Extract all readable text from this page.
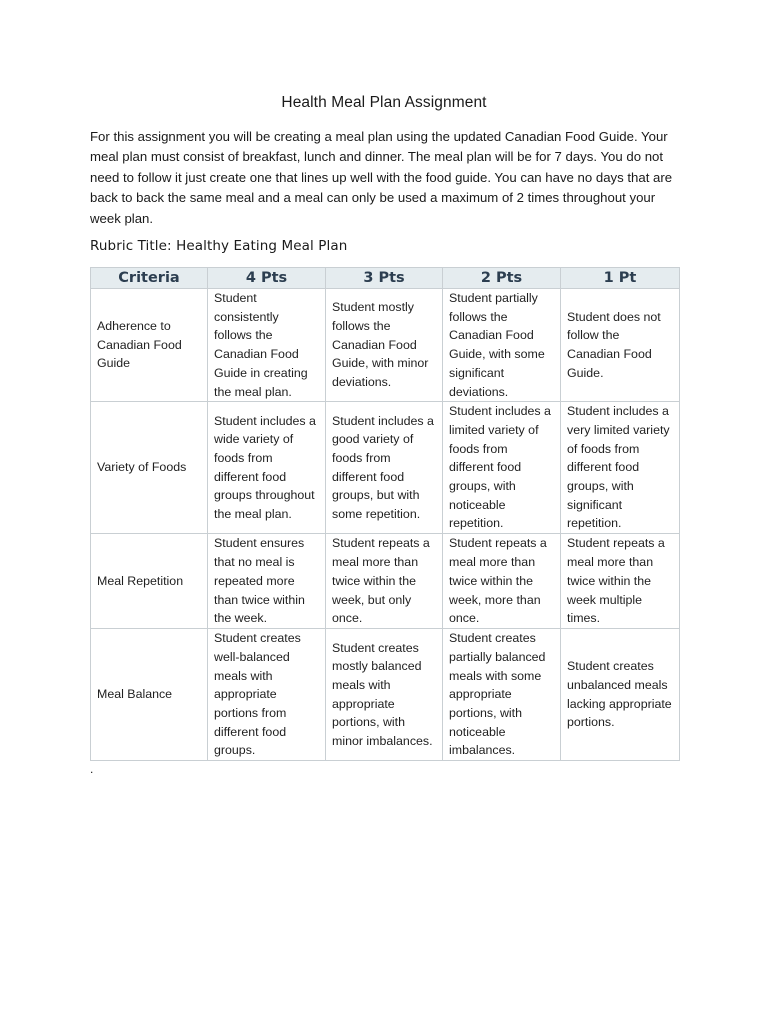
Health Meal Plan Assignment

For this assignment you will be creating a meal plan using the updated Canadian Food Guide. Your meal plan must consist of breakfast, lunch and dinner. The meal plan will be for 7 days. You do not need to follow it just create one that lines up well with the food guide. You can have no days that are back to back the same meal and a meal can only be used a maximum of 2 times throughout your week plan.

Rubric Title: Healthy Eating Meal Plan
Criteria	4 Pts	3 Pts	2 Pts	1 Pt
Adherence to Canadian Food Guide	Student consistently follows the Canadian Food Guide in creating the meal plan.	Student mostly follows the Canadian Food Guide, with minor deviations.	Student partially follows the Canadian Food Guide, with some significant deviations.	Student does not follow the Canadian Food Guide.
Variety of Foods	Student includes a wide variety of foods from different food groups throughout the meal plan.	Student includes a good variety of foods from different food groups, but with some repetition.	Student includes a limited variety of foods from different food groups, with noticeable repetition.	Student includes a very limited variety of foods from different food groups, with significant repetition.
Meal Repetition	Student ensures that no meal is repeated more than twice within the week.	Student repeats a meal more than twice within the week, but only once.	Student repeats a meal more than twice within the week, more than once.	Student repeats a meal more than twice within the week multiple times.
Meal Balance	Student creates well-balanced meals with appropriate portions from different food groups.	Student creates mostly balanced meals with appropriate portions, with minor imbalances.	Student creates partially balanced meals with some appropriate portions, with noticeable imbalances.	Student creates unbalanced meals lacking appropriate portions.
.
